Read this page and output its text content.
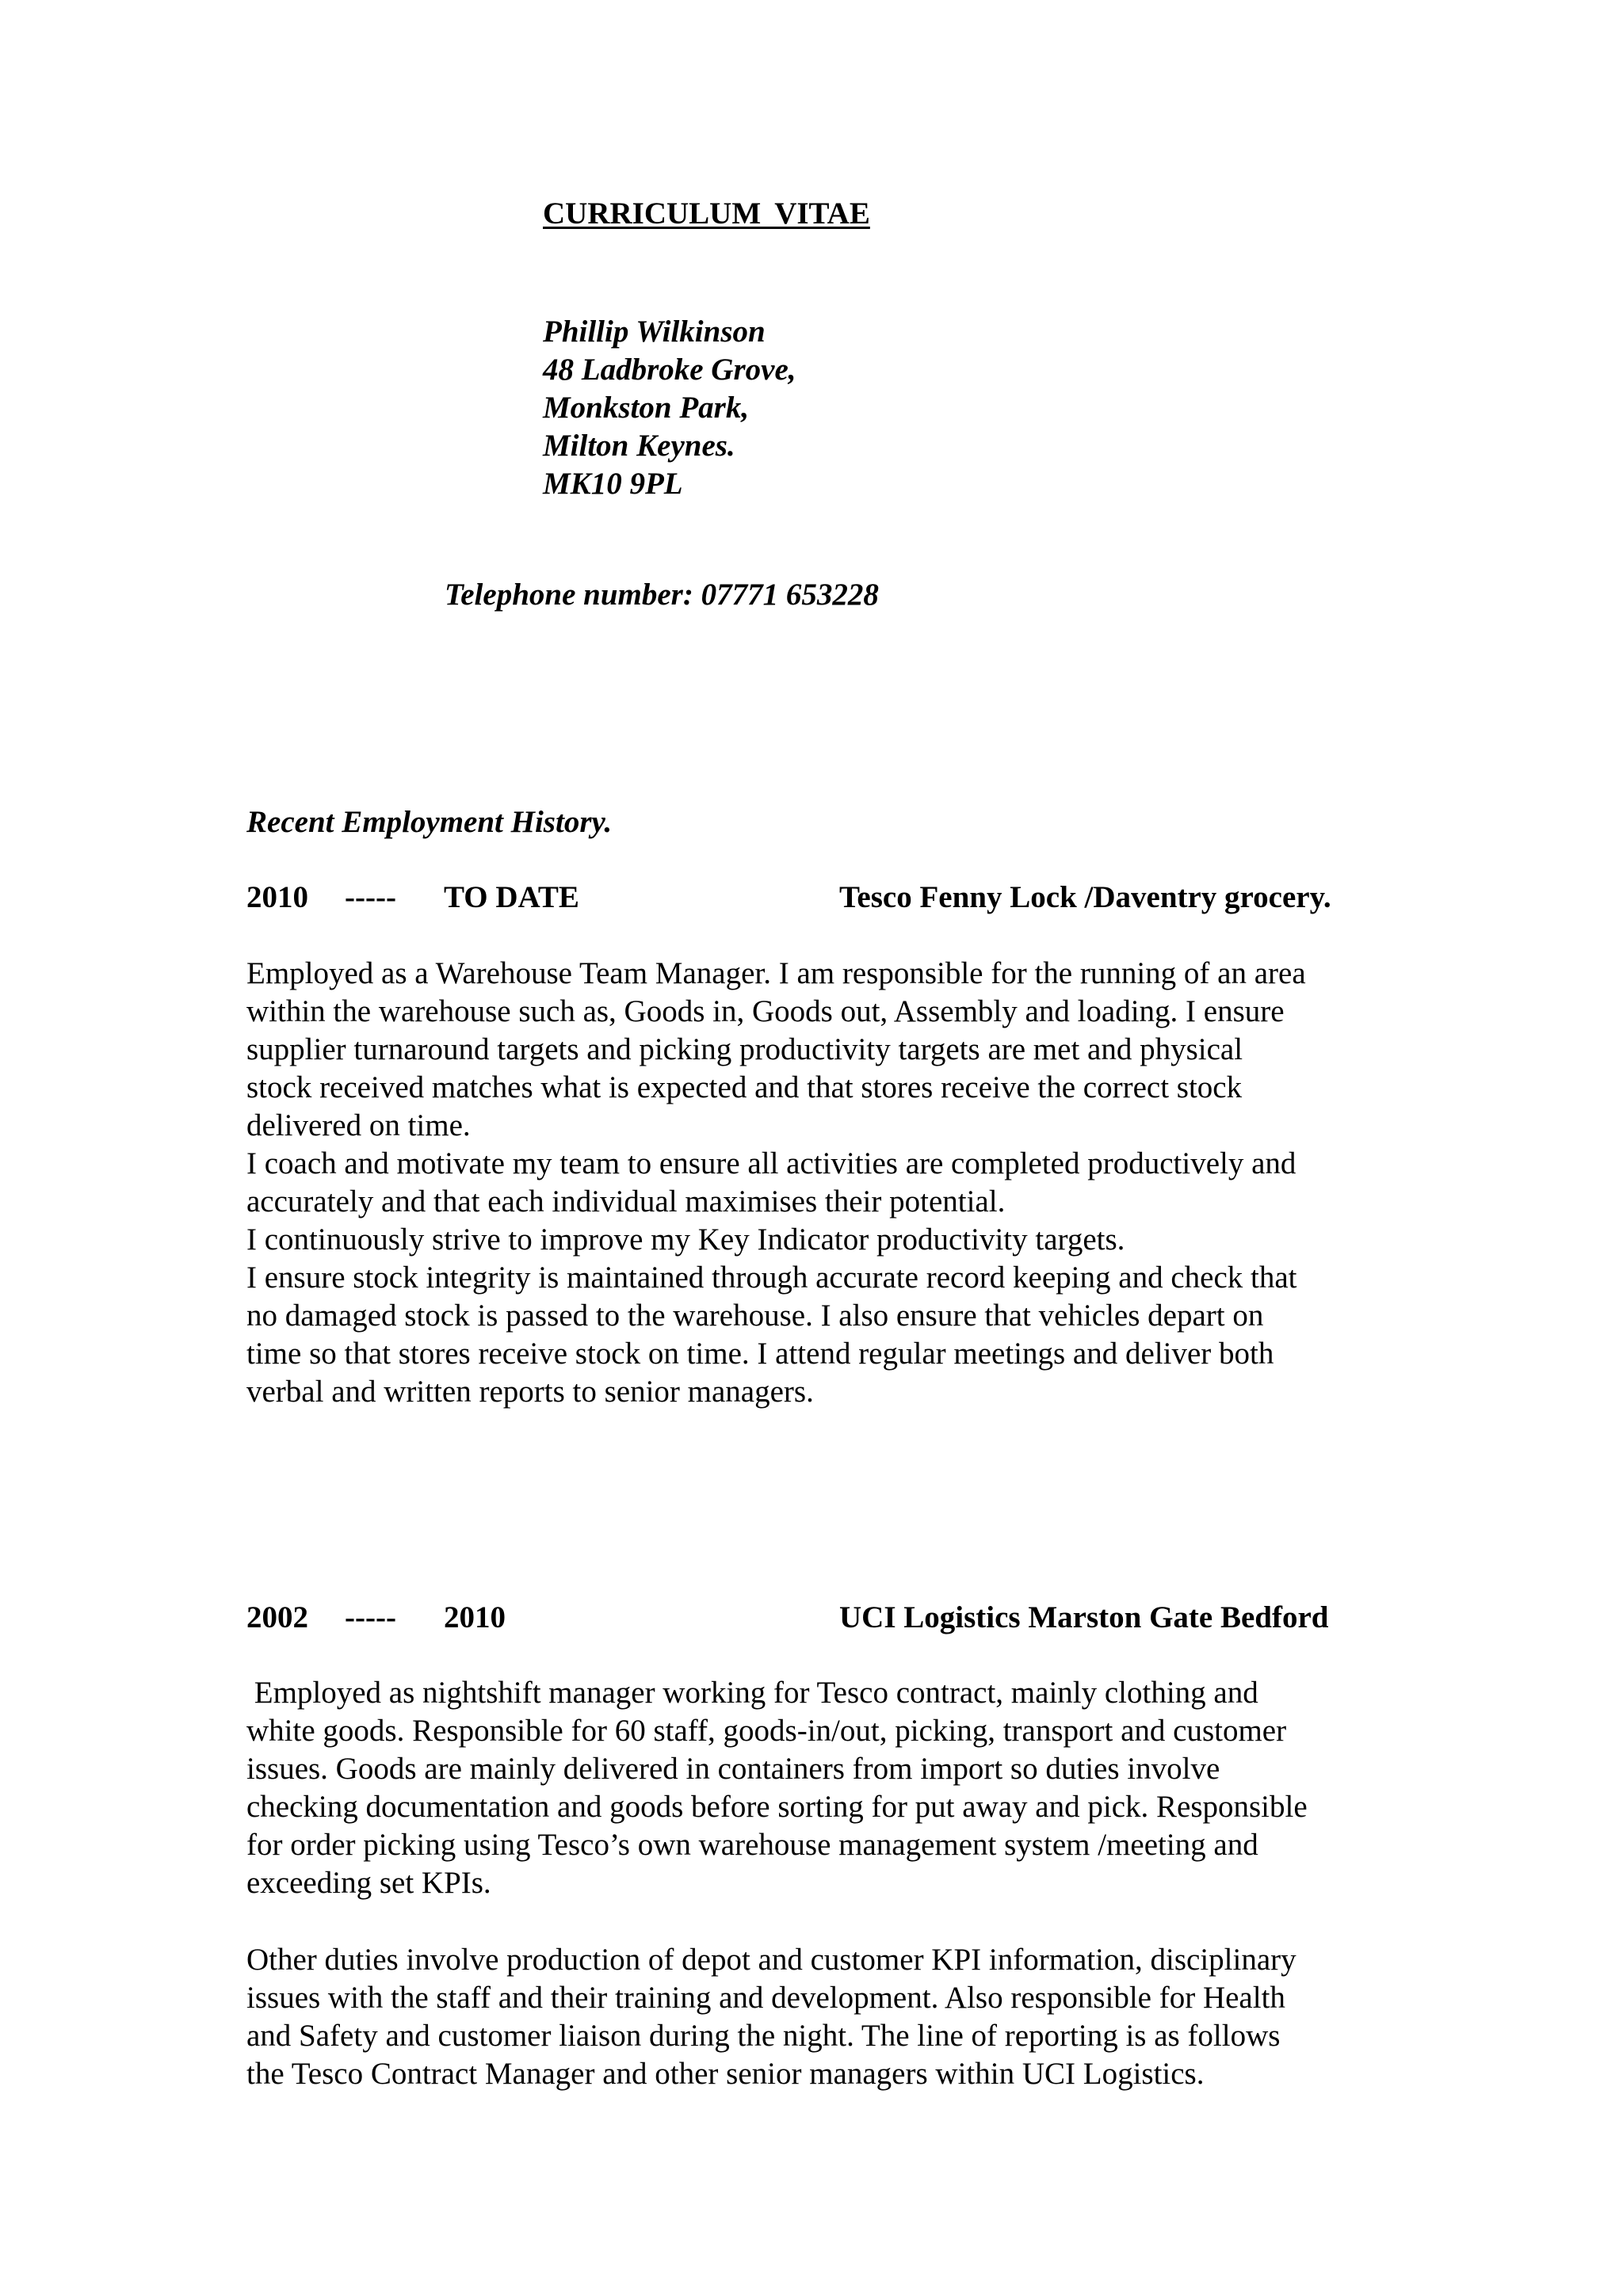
CURRICULUM VITAE
Phillip Wilkinson
48 Ladbroke Grove,
Monkston Park,
Milton Keynes.
MK10 9PL
Telephone number: 07771 653228
Recent Employment History.
2010 ----- TO DATE	Tesco Fenny Lock /Daventry grocery.
Employed as a Warehouse Team Manager. I am responsible for the running of an area
within the warehouse such as, Goods in, Goods out, Assembly and loading. I ensure
supplier turnaround targets and picking productivity targets are met and physical
stock received matches what is expected and that stores receive the correct stock
delivered on time.
I coach and motivate my team to ensure all activities are completed productively and
accurately and that each individual maximises their potential.
I continuously strive to improve my Key Indicator productivity targets.
I ensure stock integrity is maintained through accurate record keeping and check that
no damaged stock is passed to the warehouse. I also ensure that vehicles depart on
time so that stores receive stock on time. I attend regular meetings and deliver both
verbal and written reports to senior managers.
2002 ----- 2010	UCI Logistics Marston Gate Bedford
Employed as nightshift manager working for Tesco contract, mainly clothing and
white goods. Responsible for 60 staff, goods-in/out, picking, transport and customer
issues. Goods are mainly delivered in containers from import so duties involve
checking documentation and goods before sorting for put away and pick. Responsible
for order picking using Tesco’s own warehouse management system /meeting and
exceeding set KPIs.
Other duties involve production of depot and customer KPI information, disciplinary
issues with the staff and their training and development. Also responsible for Health
and Safety and customer liaison during the night. The line of reporting is as follows
the Tesco Contract Manager and other senior managers within UCI Logistics.
